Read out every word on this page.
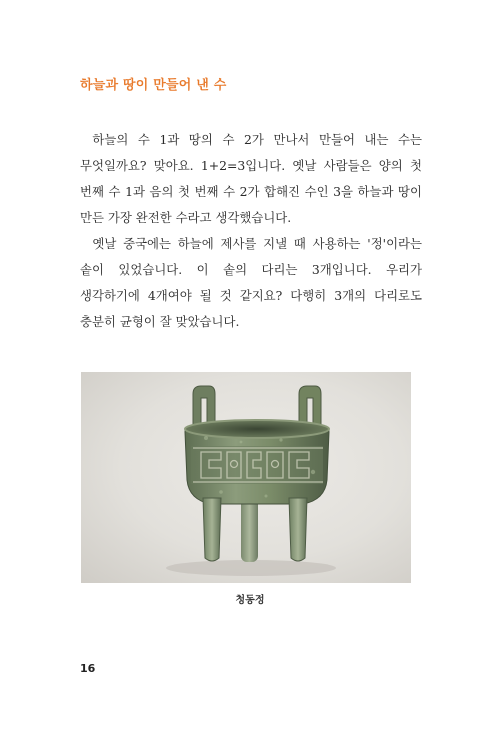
하늘과 땅이 만들어 낸 수

하늘의 수 1과 땅의 수 2가 만나서 만들어 내는 수는 무엇일까요? 맞아요. 1+2=3입니다. 옛날 사람들은 양의 첫 번째 수 1과 음의 첫 번째 수 2가 합해진 수인 3을 하늘과 땅이 만든 가장 완전한 수라고 생각했습니다.

옛날 중국에는 하늘에 제사를 지낼 때 사용하는 '정'이라는 솥이 있었습니다. 이 솥의 다리는 3개입니다. 우리가 생각하기에 4개여야 될 것 같지요? 다행히 3개의 다리로도 충분히 균형이 잘 맞았습니다.

청동정
16
